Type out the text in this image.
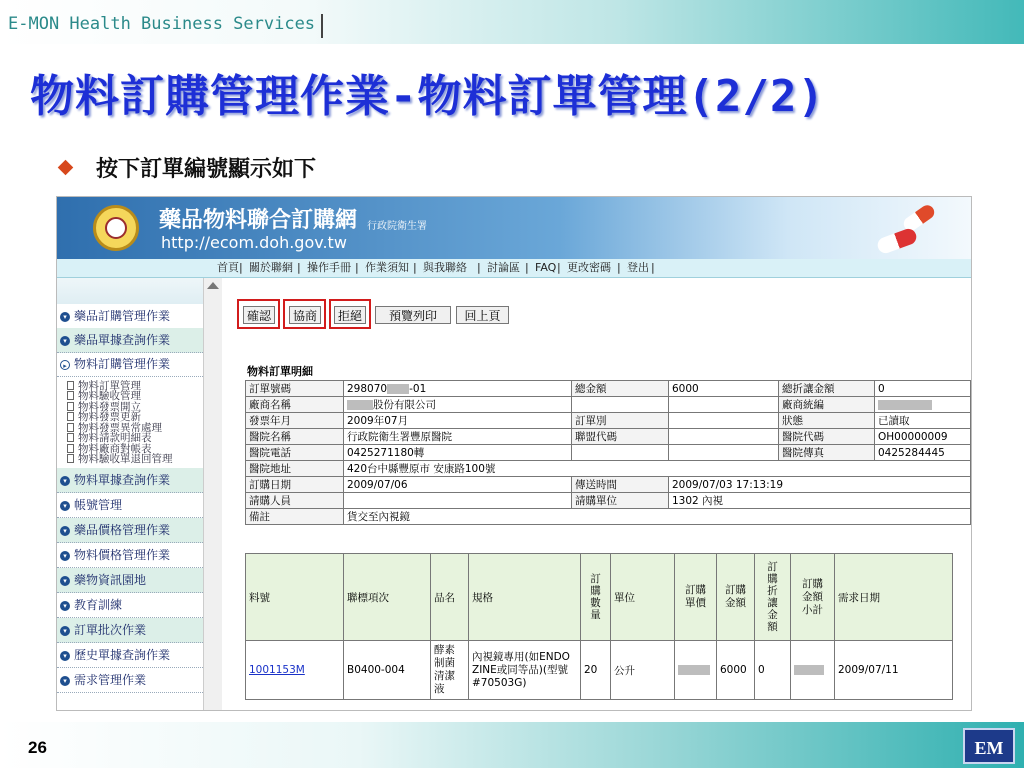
E-MON Health Business Services
物料訂購管理作業-物料訂單管理(2/2)
按下訂單編號顯示如下
藥品物料聯合訂購網 行政院衛生署
http://ecom.doh.gov.tw
首頁 | 關於聯網 | 操作手冊 | 作業須知 | 與我聯絡 | 討論區 | FAQ | 更改密碼 | 登出 |
▾ 藥品訂購管理作業
▾ 藥品單據查詢作業
▸ 物料訂購管理作業
物料訂單管理
物料驗收管理
物料發票開立
物料發票更新
物料發票異常處理
物料請款明細表
物料廠商對帳表
物料驗收單退回管理
▾ 物料單據查詢作業
▾ 帳號管理
▾ 藥品價格管理作業
▾ 物料價格管理作業
▾ 藥物資訊園地
▾ 教育訓練
▾ 訂單批次作業
▾ 歷史單據查詢作業
▾ 需求管理作業
確認	協商	拒絕	預覽列印	回上頁
物料訂單明細
訂單號碼	298070 -01	總金額	6000	總折讓金額	0
廠商名稱	股份有限公司			廠商統編	
發票年月	2009年07月	訂單別		狀態	已讀取
醫院名稱	行政院衛生署豐原醫院	聯盟代碼		醫院代碼	OH00000009
醫院電話	0425271180轉			醫院傳真	0425284445
醫院地址	420台中縣豐原市 安康路100號				
訂購日期	2009/07/06	傳送時間	2009/07/03 17:13:19		
請購人員		請購單位	1302 內視		
備註	貨交至內視鏡				
料號	聯標項次	品名	規格	訂購數量	單位	訂購單價	訂購金額	訂購折讓金額	訂購金額小計	需求日期
1001153M	B0400-004	酵素制菌清潔液	內視鏡專用(如ENDOZINE或同等品)(型號#70503G)	20	公升		6000	0		2009/07/11
26	EM
